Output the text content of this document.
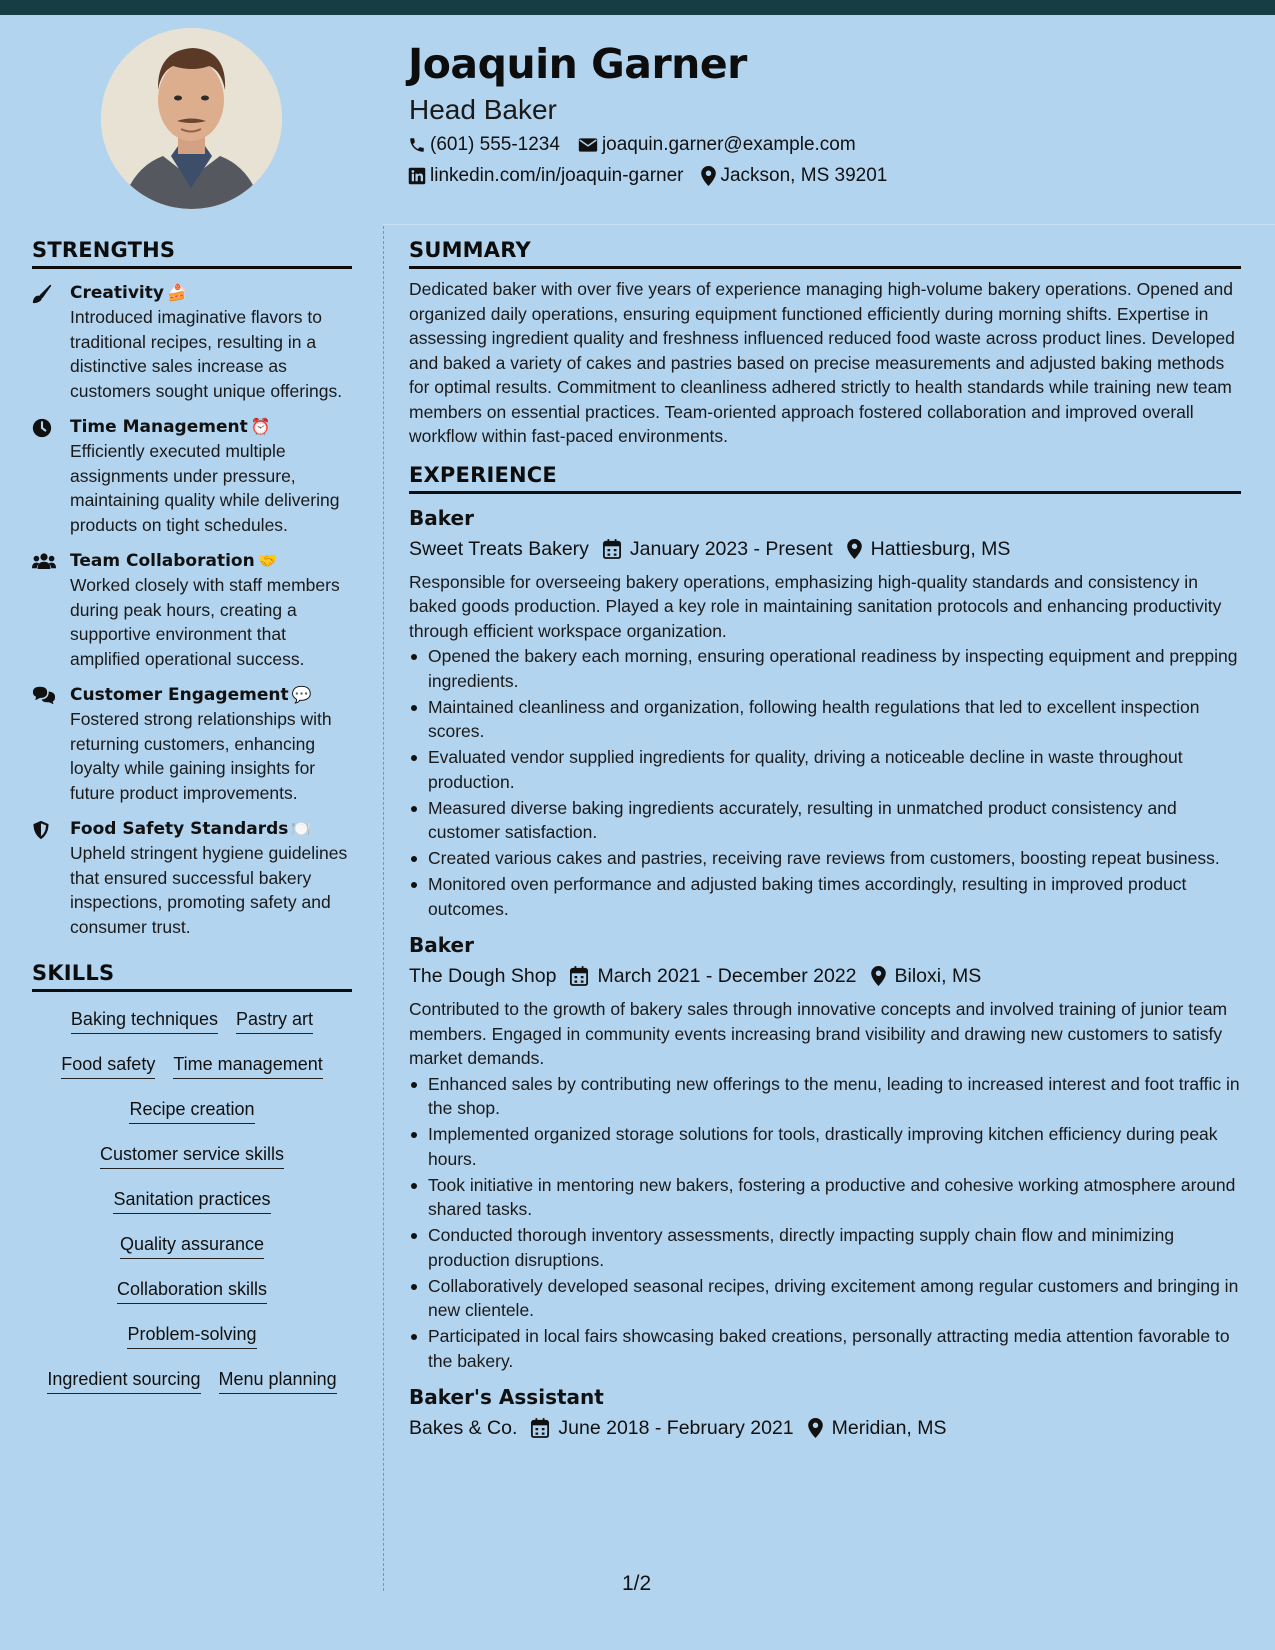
Joaquin Garner
Head Baker
(601) 555-1234 joaquin.garner@example.com
linkedin.com/in/joaquin-garner Jackson, MS 39201
STRENGTHS
Creativity 🍰
Introduced imaginative flavors to traditional recipes, resulting in a distinctive sales increase as customers sought unique offerings.
Time Management ⏰
Efficiently executed multiple assignments under pressure, maintaining quality while delivering products on tight schedules.
Team Collaboration 🤝
Worked closely with staff members during peak hours, creating a supportive environment that amplified operational success.
Customer Engagement 💬
Fostered strong relationships with returning customers, enhancing loyalty while gaining insights for future product improvements.
Food Safety Standards 🍽️
Upheld stringent hygiene guidelines that ensured successful bakery inspections, promoting safety and consumer trust.
SKILLS
Baking techniques Pastry art
Food safety Time management
Recipe creation
Customer service skills
Sanitation practices
Quality assurance
Collaboration skills
Problem-solving
Ingredient sourcing Menu planning
SUMMARY

Dedicated baker with over five years of experience managing high-volume bakery operations. Opened and organized daily operations, ensuring equipment functioned efficiently during morning shifts. Expertise in assessing ingredient quality and freshness influenced reduced food waste across product lines. Developed and baked a variety of cakes and pastries based on precise measurements and adjusted baking methods for optimal results. Commitment to cleanliness adhered strictly to health standards while training new team members on essential practices. Team-oriented approach fostered collaboration and improved overall workflow within fast-paced environments.

EXPERIENCE
Baker
Sweet Treats Bakery January 2023 - Present Hattiesburg, MS

Responsible for overseeing bakery operations, emphasizing high-quality standards and consistency in baked goods production. Played a key role in maintaining sanitation protocols and enhancing productivity through efficient workspace organization.

Opened the bakery each morning, ensuring operational readiness by inspecting equipment and prepping ingredients.
Maintained cleanliness and organization, following health regulations that led to excellent inspection scores.
Evaluated vendor supplied ingredients for quality, driving a noticeable decline in waste throughout production.
Measured diverse baking ingredients accurately, resulting in unmatched product consistency and customer satisfaction.
Created various cakes and pastries, receiving rave reviews from customers, boosting repeat business.
Monitored oven performance and adjusted baking times accordingly, resulting in improved product outcomes.
Baker
The Dough Shop March 2021 - December 2022 Biloxi, MS

Contributed to the growth of bakery sales through innovative concepts and involved training of junior team members. Engaged in community events increasing brand visibility and drawing new customers to satisfy market demands.

Enhanced sales by contributing new offerings to the menu, leading to increased interest and foot traffic in the shop.
Implemented organized storage solutions for tools, drastically improving kitchen efficiency during peak hours.
Took initiative in mentoring new bakers, fostering a productive and cohesive working atmosphere around shared tasks.
Conducted thorough inventory assessments, directly impacting supply chain flow and minimizing production disruptions.
Collaboratively developed seasonal recipes, driving excitement among regular customers and bringing in new clientele.
Participated in local fairs showcasing baked creations, personally attracting media attention favorable to the bakery.
Baker's Assistant
Bakes & Co. June 2018 - February 2021 Meridian, MS
1/2
